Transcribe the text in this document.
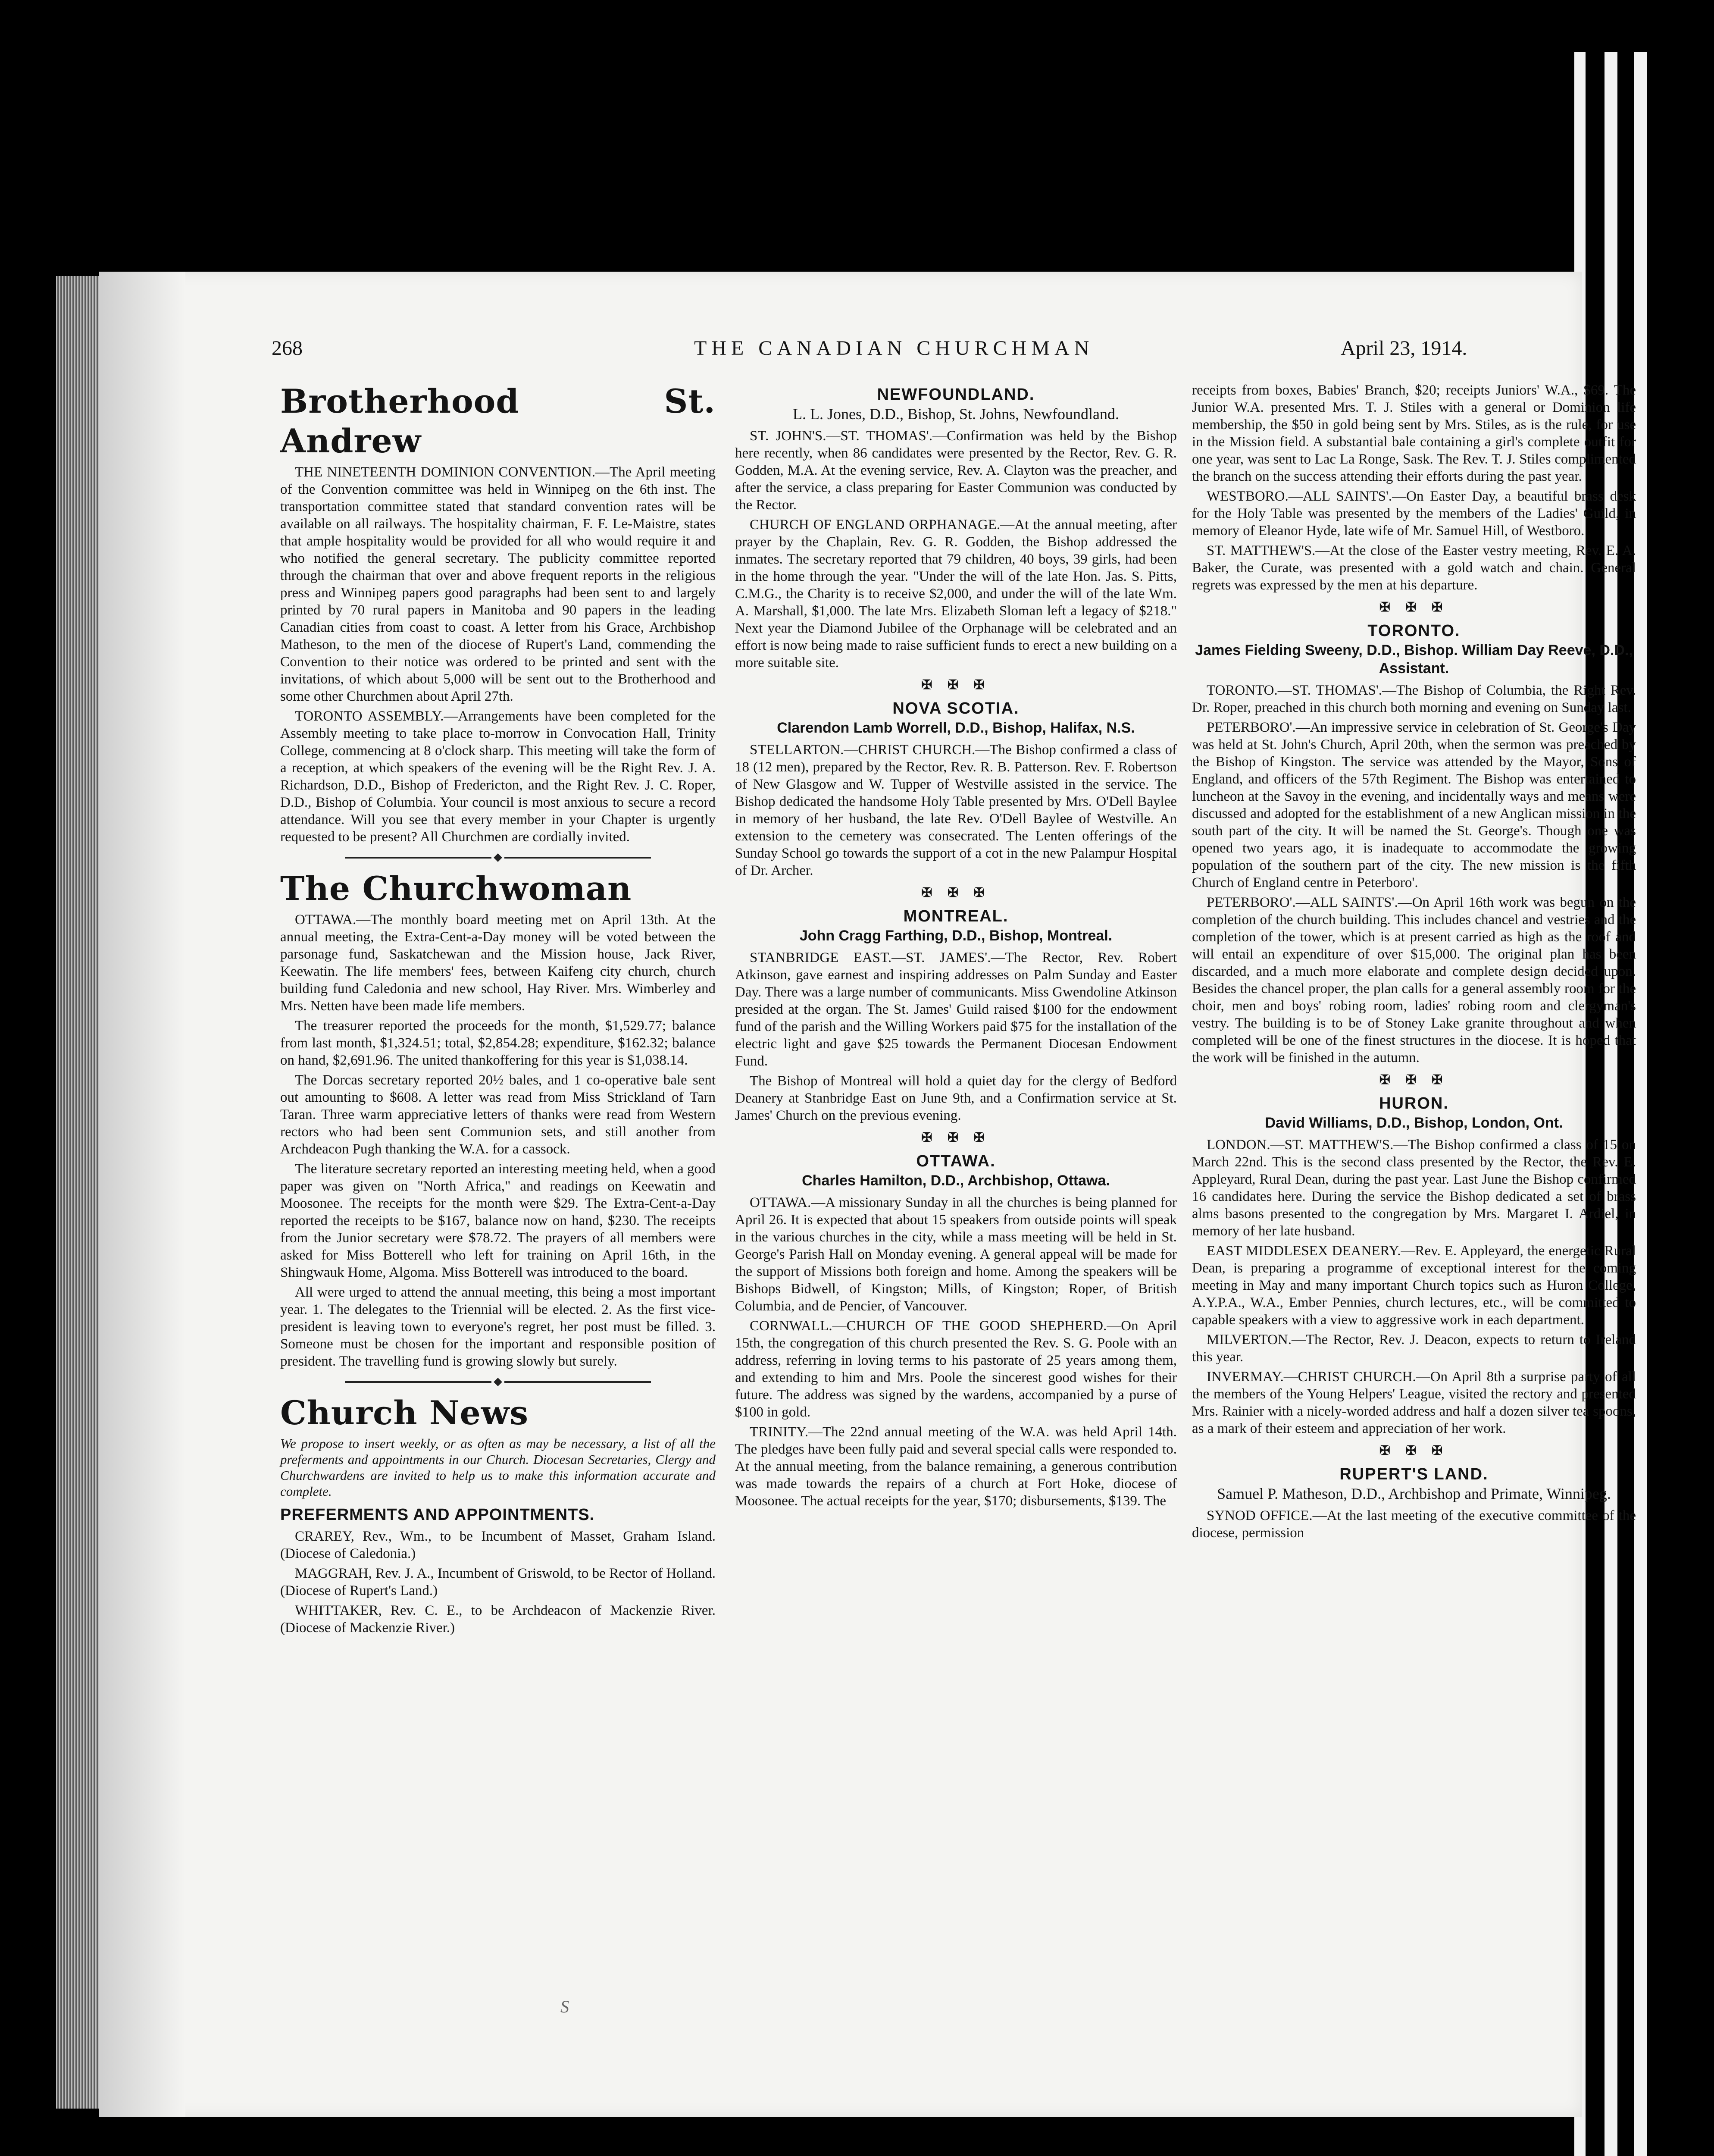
268	THE CANADIAN CHURCHMAN	April 23, 1914.
Brotherhood St. Andrew

THE NINETEENTH DOMINION CONVENTION.—The April meeting of the Convention committee was held in Winnipeg on the 6th inst. The transportation committee stated that standard convention rates will be available on all railways. The hospitality chairman, F. F. Le-Maistre, states that ample hospitality would be provided for all who would require it and who notified the general secretary. The publicity committee reported through the chairman that over and above frequent reports in the religious press and Winnipeg papers good paragraphs had been sent to and largely printed by 70 rural papers in Manitoba and 90 papers in the leading Canadian cities from coast to coast. A letter from his Grace, Archbishop Matheson, to the men of the diocese of Rupert's Land, commending the Convention to their notice was ordered to be printed and sent with the invitations, of which about 5,000 will be sent out to the Brotherhood and some other Churchmen about April 27th.

TORONTO ASSEMBLY.—Arrangements have been completed for the Assembly meeting to take place to-morrow in Convocation Hall, Trinity College, commencing at 8 o'clock sharp. This meeting will take the form of a reception, at which speakers of the evening will be the Right Rev. J. A. Richardson, D.D., Bishop of Fredericton, and the Right Rev. J. C. Roper, D.D., Bishop of Columbia. Your council is most anxious to secure a record attendance. Will you see that every member in your Chapter is urgently requested to be present? All Churchmen are cordially invited.

The Churchwoman

OTTAWA.—The monthly board meeting met on April 13th. At the annual meeting, the Extra-Cent-a-Day money will be voted between the parsonage fund, Saskatchewan and the Mission house, Jack River, Keewatin. The life members' fees, between Kaifeng city church, church building fund Caledonia and new school, Hay River. Mrs. Wimberley and Mrs. Netten have been made life members.

The treasurer reported the proceeds for the month, $1,529.77; balance from last month, $1,324.51; total, $2,854.28; expenditure, $162.32; balance on hand, $2,691.96. The united thankoffering for this year is $1,038.14.

The Dorcas secretary reported 20½ bales, and 1 co-operative bale sent out amounting to $608. A letter was read from Miss Strickland of Tarn Taran. Three warm appreciative letters of thanks were read from Western rectors who had been sent Communion sets, and still another from Archdeacon Pugh thanking the W.A. for a cassock.

The literature secretary reported an interesting meeting held, when a good paper was given on "North Africa," and readings on Keewatin and Moosonee. The receipts for the month were $29. The Extra-Cent-a-Day reported the receipts to be $167, balance now on hand, $230. The receipts from the Junior secretary were $78.72. The prayers of all members were asked for Miss Botterell who left for training on April 16th, in the Shingwauk Home, Algoma. Miss Botterell was introduced to the board.

All were urged to attend the annual meeting, this being a most important year. 1. The delegates to the Triennial will be elected. 2. As the first vice-president is leaving town to everyone's regret, her post must be filled. 3. Someone must be chosen for the important and responsible position of president. The travelling fund is growing slowly but surely.

Church News
We propose to insert weekly, or as often as may be necessary, a list of all the preferments and appointments in our Church. Diocesan Secretaries, Clergy and Churchwardens are invited to help us to make this information accurate and complete.
PREFERMENTS AND APPOINTMENTS.

CRAREY, Rev., Wm., to be Incumbent of Masset, Graham Island. (Diocese of Caledonia.)

MAGGRAH, Rev. J. A., Incumbent of Griswold, to be Rector of Holland. (Diocese of Rupert's Land.)

WHITTAKER, Rev. C. E., to be Archdeacon of Mackenzie River. (Diocese of Mackenzie River.)

NEWFOUNDLAND.
L. L. Jones, D.D., Bishop, St. Johns, Newfoundland.

ST. JOHN'S.—ST. THOMAS'.—Confirmation was held by the Bishop here recently, when 86 candidates were presented by the Rector, Rev. G. R. Godden, M.A. At the evening service, Rev. A. Clayton was the preacher, and after the service, a class preparing for Easter Communion was conducted by the Rector.

CHURCH OF ENGLAND ORPHANAGE.—At the annual meeting, after prayer by the Chaplain, Rev. G. R. Godden, the Bishop addressed the inmates. The secretary reported that 79 children, 40 boys, 39 girls, had been in the home through the year. "Under the will of the late Hon. Jas. S. Pitts, C.M.G., the Charity is to receive $2,000, and under the will of the late Wm. A. Marshall, $1,000. The late Mrs. Elizabeth Sloman left a legacy of $218." Next year the Diamond Jubilee of the Orphanage will be celebrated and an effort is now being made to raise sufficient funds to erect a new building on a more suitable site.

✠ ✠ ✠
NOVA SCOTIA.
Clarendon Lamb Worrell, D.D., Bishop, Halifax, N.S.

STELLARTON.—CHRIST CHURCH.—The Bishop confirmed a class of 18 (12 men), prepared by the Rector, Rev. R. B. Patterson. Rev. F. Robertson of New Glasgow and W. Tupper of Westville assisted in the service. The Bishop dedicated the handsome Holy Table presented by Mrs. O'Dell Baylee in memory of her husband, the late Rev. O'Dell Baylee of Westville. An extension to the cemetery was consecrated. The Lenten offerings of the Sunday School go towards the support of a cot in the new Palampur Hospital of Dr. Archer.

✠ ✠ ✠
MONTREAL.
John Cragg Farthing, D.D., Bishop, Montreal.

STANBRIDGE EAST.—ST. JAMES'.—The Rector, Rev. Robert Atkinson, gave earnest and inspiring addresses on Palm Sunday and Easter Day. There was a large number of communicants. Miss Gwendoline Atkinson presided at the organ. The St. James' Guild raised $100 for the endowment fund of the parish and the Willing Workers paid $75 for the installation of the electric light and gave $25 towards the Permanent Diocesan Endowment Fund.

The Bishop of Montreal will hold a quiet day for the clergy of Bedford Deanery at Stanbridge East on June 9th, and a Confirmation service at St. James' Church on the previous evening.

✠ ✠ ✠
OTTAWA.
Charles Hamilton, D.D., Archbishop, Ottawa.

OTTAWA.—A missionary Sunday in all the churches is being planned for April 26. It is expected that about 15 speakers from outside points will speak in the various churches in the city, while a mass meeting will be held in St. George's Parish Hall on Monday evening. A general appeal will be made for the support of Missions both foreign and home. Among the speakers will be Bishops Bidwell, of Kingston; Mills, of Kingston; Roper, of British Columbia, and de Pencier, of Vancouver.

CORNWALL.—CHURCH OF THE GOOD SHEPHERD.—On April 15th, the congregation of this church presented the Rev. S. G. Poole with an address, referring in loving terms to his pastorate of 25 years among them, and extending to him and Mrs. Poole the sincerest good wishes for their future. The address was signed by the wardens, accompanied by a purse of $100 in gold.

TRINITY.—The 22nd annual meeting of the W.A. was held April 14th. The pledges have been fully paid and several special calls were responded to. At the annual meeting, from the balance remaining, a generous contribution was made towards the repairs of a church at Fort Hoke, diocese of Moosonee. The actual receipts for the year, $170; disbursements, $139. The

receipts from boxes, Babies' Branch, $20; receipts Juniors' W.A., $69. The Junior W.A. presented Mrs. T. J. Stiles with a general or Dominion life membership, the $50 in gold being sent by Mrs. Stiles, as is the rule, for use in the Mission field. A substantial bale containing a girl's complete outfit for one year, was sent to Lac La Ronge, Sask. The Rev. T. J. Stiles complimented the branch on the success attending their efforts during the past year.

WESTBORO.—ALL SAINTS'.—On Easter Day, a beautiful brass desk for the Holy Table was presented by the members of the Ladies' Guild, in memory of Eleanor Hyde, late wife of Mr. Samuel Hill, of Westboro.

ST. MATTHEW'S.—At the close of the Easter vestry meeting, Rev. E. A. Baker, the Curate, was presented with a gold watch and chain. General regrets was expressed by the men at his departure.

✠ ✠ ✠
TORONTO.
James Fielding Sweeny, D.D., Bishop. William Day Reeve, D.D., Assistant.

TORONTO.—ST. THOMAS'.—The Bishop of Columbia, the Right Rev. Dr. Roper, preached in this church both morning and evening on Sunday last.

PETERBORO'.—An impressive service in celebration of St. George's Day was held at St. John's Church, April 20th, when the sermon was preached by the Bishop of Kingston. The service was attended by the Mayor, Sons of England, and officers of the 57th Regiment. The Bishop was entertained to luncheon at the Savoy in the evening, and incidentally ways and means were discussed and adopted for the establishment of a new Anglican mission in the south part of the city. It will be named the St. George's. Though one was opened two years ago, it is inadequate to accommodate the growing population of the southern part of the city. The new mission is the fifth Church of England centre in Peterboro'.

PETERBORO'.—ALL SAINTS'.—On April 16th work was begun on the completion of the church building. This includes chancel and vestries and the completion of the tower, which is at present carried as high as the roof and will entail an expenditure of over $15,000. The original plan has been discarded, and a much more elaborate and complete design decided upon. Besides the chancel proper, the plan calls for a general assembly room for the choir, men and boys' robing room, ladies' robing room and clergyman's vestry. The building is to be of Stoney Lake granite throughout and when completed will be one of the finest structures in the diocese. It is hoped that the work will be finished in the autumn.

✠ ✠ ✠
HURON.
David Williams, D.D., Bishop, London, Ont.

LONDON.—ST. MATTHEW'S.—The Bishop confirmed a class of 15 on March 22nd. This is the second class presented by the Rector, the Rev. E. Appleyard, Rural Dean, during the past year. Last June the Bishop confirmed 16 candidates here. During the service the Bishop dedicated a set of brass alms basons presented to the congregation by Mrs. Margaret I. Ardiel, in memory of her late husband.

EAST MIDDLESEX DEANERY.—Rev. E. Appleyard, the energetic Rural Dean, is preparing a programme of exceptional interest for the coming meeting in May and many important Church topics such as Huron College, A.Y.P.A., W.A., Ember Pennies, church lectures, etc., will be committed to capable speakers with a view to aggressive work in each department.

MILVERTON.—The Rector, Rev. J. Deacon, expects to return to Ireland this year.

INVERMAY.—CHRIST CHURCH.—On April 8th a surprise party of all the members of the Young Helpers' League, visited the rectory and presented Mrs. Rainier with a nicely-worded address and half a dozen silver tea spoons, as a mark of their esteem and appreciation of her work.

✠ ✠ ✠
RUPERT'S LAND.
Samuel P. Matheson, D.D., Archbishop and Primate, Winnipeg.

SYNOD OFFICE.—At the last meeting of the executive committee of the diocese, permission

S
